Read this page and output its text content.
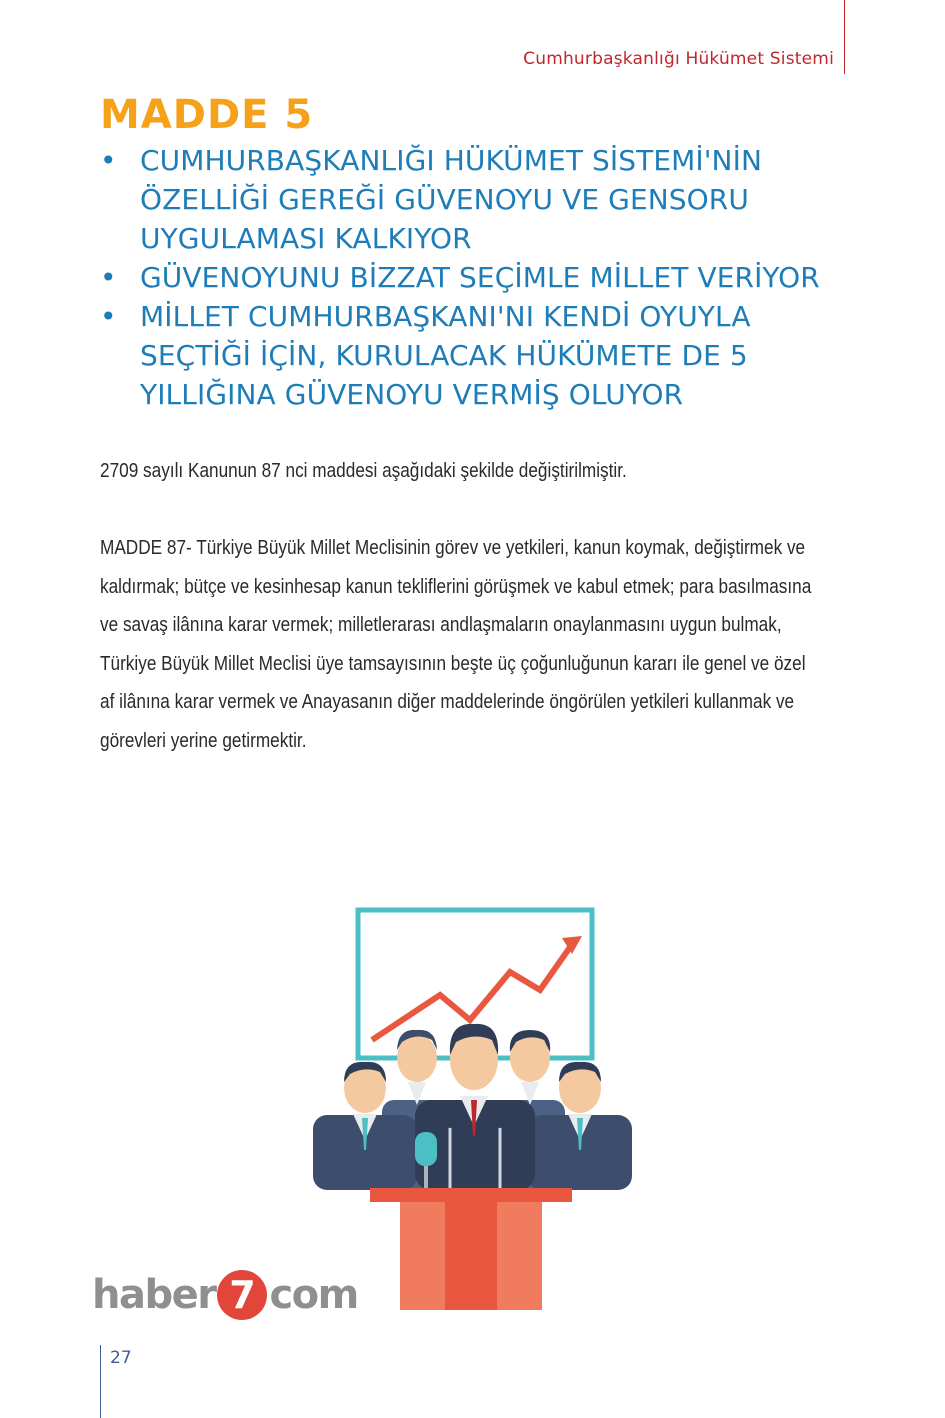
Cumhurbaşkanlığı Hükümet Sistemi
MADDE 5
• CUMHURBAŞKANLIĞI HÜKÜMET SİSTEMİ'NİN ÖZELLİĞİ GEREĞİ GÜVENOYU VE GENSORU UYGULAMASI KALKIYOR
• GÜVENOYUNU BİZZAT SEÇİMLE MİLLET VERİYOR
• MİLLET CUMHURBAŞKANI'NI KENDİ OYUYLA SEÇTİĞİ İÇİN, KURULACAK HÜKÜMETE DE 5 YILLIĞINA GÜVENOYU VERMİŞ OLUYOR
2709 sayılı Kanunun 87 nci maddesi aşağıdaki şekilde değiştirilmiştir.
MADDE 87- Türkiye Büyük Millet Meclisinin görev ve yetkileri, kanun koymak, değiştirmek ve
kaldırmak; bütçe ve kesinhesap kanun tekliflerini görüşmek ve kabul etmek; para basılmasına
ve savaş ilânına karar vermek; milletlerarası andlaşmaların onaylanmasını uygun bulmak,
Türkiye Büyük Millet Meclisi üye tamsayısının beşte üç çoğunluğunun kararı ile genel ve özel
af ilânına karar vermek ve Anayasanın diğer maddelerinde öngörülen yetkileri kullanmak ve
görevleri yerine getirmektir.
haber 7 com
27
